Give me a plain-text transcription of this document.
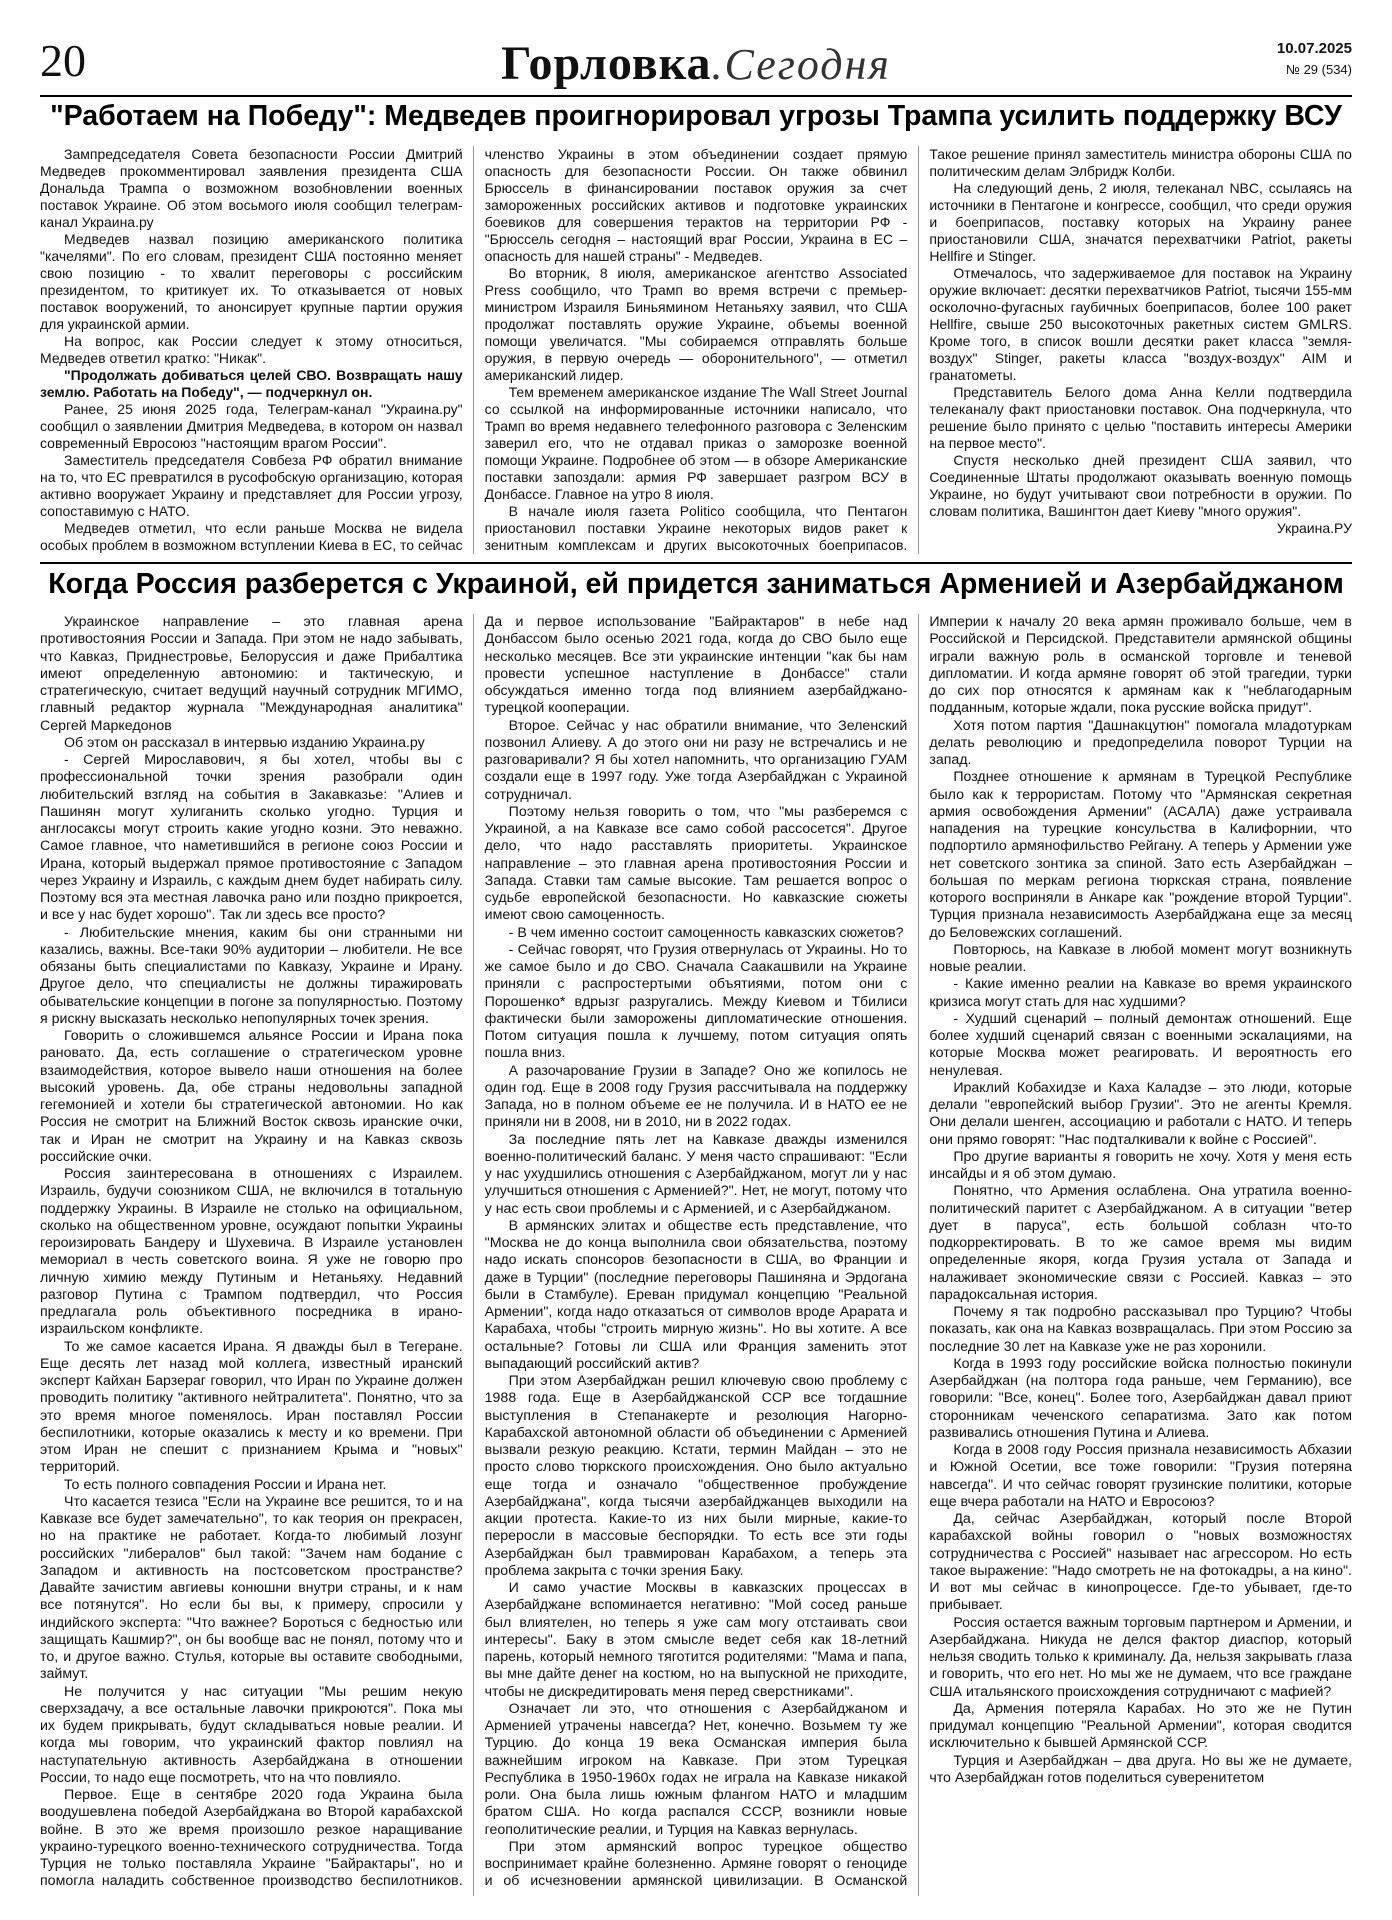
20	Горловка.Сегодня	10.07.2025
№ 29 (534)
"Работаем на Победу": Медведев проигнорировал угрозы Трампа усилить поддержку ВСУ

Зампредседателя Совета безопасности России Дмитрий Медведев прокомментировал заявления президента США Дональда Трампа о возможном возобновлении военных поставок Украине. Об этом восьмого июля сообщил телеграм-канал Украина.ру

Медведев назвал позицию американского политика "качелями". По его словам, президент США постоянно меняет свою позицию - то хвалит переговоры с российским президентом, то критикует их. То отказывается от новых поставок вооружений, то анонсирует крупные партии оружия для украинской армии.

На вопрос, как России следует к этому относиться, Медведев ответил кратко: "Никак".

"Продолжать добиваться целей СВО. Возвращать нашу землю. Работать на Победу", — подчеркнул он.

Ранее, 25 июня 2025 года, Телеграм-канал "Украина.ру" сообщил о заявлении Дмитрия Медведева, в котором он назвал современный Евросоюз "настоящим врагом России".

Заместитель председателя Совбеза РФ обратил внимание на то, что ЕС превратился в русофобскую организацию, которая активно вооружает Украину и представляет для России угрозу, сопоставимую с НАТО.

Медведев отметил, что если раньше Москва не видела особых проблем в возможном вступлении Киева в ЕС, то сейчас членство Украины в этом объединении создает прямую опасность для безопасности России. Он также обвинил Брюссель в финансировании поставок оружия за счет замороженных российских активов и подготовке украинских боевиков для совершения терактов на территории РФ - "Брюссель сегодня – настоящий враг России, Украина в ЕС – опасность для нашей страны" - Медведев.

Во вторник, 8 июля, американское агентство Associated Press сообщило, что Трамп во время встречи с премьер-министром Израиля Биньямином Нетаньяху заявил, что США продолжат поставлять оружие Украине, объемы военной помощи увеличатся. "Мы собираемся отправлять больше оружия, в первую очередь — оборонительного", — отметил американский лидер.

Тем временем американское издание The Wall Street Journal со ссылкой на информированные источники написало, что Трамп во время недавнего телефонного разговора с Зеленским заверил его, что не отдавал приказ о заморозке военной помощи Украине. Подробнее об этом — в обзоре Американские поставки запоздали: армия РФ завершает разгром ВСУ в Донбассе. Главное на утро 8 июля.

В начале июля газета Politico сообщила, что Пентагон приостановил поставки Украине некоторых видов ракет к зенитным комплексам и других высокоточных боеприпасов. Такое решение принял заместитель министра обороны США по политическим делам Элбридж Колби.

На следующий день, 2 июля, телеканал NBC, ссылаясь на источники в Пентагоне и конгрессе, сообщил, что среди оружия и боеприпасов, поставку которых на Украину ранее приостановили США, значатся перехватчики Patriot, ракеты Hellfire и Stinger.

Отмечалось, что задерживаемое для поставок на Украину оружие включает: десятки перехватчиков Patriot, тысячи 155-мм осколочно-фугасных гаубичных боеприпасов, более 100 ракет Hellfire, свыше 250 высокоточных ракетных систем GMLRS. Кроме того, в список вошли десятки ракет класса "земля-воздух" Stinger, ракеты класса "воздух-воздух" AIM и гранатометы.

Представитель Белого дома Анна Келли подтвердила телеканалу факт приостановки поставок. Она подчеркнула, что решение было принято с целью "поставить интересы Америки на первое место".

Спустя несколько дней президент США заявил, что Соединенные Штаты продолжают оказывать военную помощь Украине, но будут учитывают свои потребности в оружии. По словам политика, Вашингтон дает Киеву "много оружия".

Украина.РУ

Когда Россия разберется с Украиной, ей придется заниматься Арменией и Азербайджаном

Украинское направление – это главная арена противостояния России и Запада. При этом не надо забывать, что Кавказ, Приднестровье, Белоруссия и даже Прибалтика имеют определенную автономию: и тактическую, и стратегическую, считает ведущий научный сотрудник МГИМО, главный редактор журнала "Международная аналитика" Сергей Маркедонов

Об этом он рассказал в интервью изданию Украина.ру

- Сергей Мирославович, я бы хотел, чтобы вы с профессиональной точки зрения разобрали один любительский взгляд на события в Закавказье: "Алиев и Пашинян могут хулиганить сколько угодно. Турция и англосаксы могут строить какие угодно козни. Это неважно. Самое главное, что наметившийся в регионе союз России и Ирана, который выдержал прямое противостояние с Западом через Украину и Израиль, с каждым днем будет набирать силу. Поэтому вся эта местная лавочка рано или поздно прикроется, и все у нас будет хорошо". Так ли здесь все просто?

- Любительские мнения, каким бы они странными ни казались, важны. Все-таки 90% аудитории – любители. Не все обязаны быть специалистами по Кавказу, Украине и Ирану. Другое дело, что специалисты не должны тиражировать обывательские концепции в погоне за популярностью. Поэтому я рискну высказать несколько непопулярных точек зрения.

Говорить о сложившемся альянсе России и Ирана пока рановато. Да, есть соглашение о стратегическом уровне взаимодействия, которое вывело наши отношения на более высокий уровень. Да, обе страны недовольны западной гегемонией и хотели бы стратегической автономии. Но как Россия не смотрит на Ближний Восток сквозь иранские очки, так и Иран не смотрит на Украину и на Кавказ сквозь российские очки.

Россия заинтересована в отношениях с Израилем. Израиль, будучи союзником США, не включился в тотальную поддержку Украины. В Израиле не столько на официальном, сколько на общественном уровне, осуждают попытки Украины героизировать Бандеру и Шухевича. В Израиле установлен мемориал в честь советского воина. Я уже не говорю про личную химию между Путиным и Нетаньяху. Недавний разговор Путина с Трампом подтвердил, что Россия предлагала роль объективного посредника в ирано-израильском конфликте.

То же самое касается Ирана. Я дважды был в Тегеране. Еще десять лет назад мой коллега, известный иранский эксперт Кайхан Барзераг говорил, что Иран по Украине должен проводить политику "активного нейтралитета". Понятно, что за это время многое поменялось. Иран поставлял России беспилотники, которые оказались к месту и ко времени. При этом Иран не спешит с признанием Крыма и "новых" территорий.

То есть полного совпадения России и Ирана нет.

Что касается тезиса "Если на Украине все решится, то и на Кавказе все будет замечательно", то как теория он прекрасен, но на практике не работает. Когда-то любимый лозунг российских "либералов" был такой: "Зачем нам бодание с Западом и активность на постсоветском пространстве? Давайте зачистим авгиевы конюшни внутри страны, и к нам все потянутся". Но если бы вы, к примеру, спросили у индийского эксперта: "Что важнее? Бороться с бедностью или защищать Кашмир?", он бы вообще вас не понял, потому что и то, и другое важно. Стулья, которые вы оставите свободными, займут.

Не получится у нас ситуации "Мы решим некую сверхзадачу, а все остальные лавочки прикроются". Пока мы их будем прикрывать, будут складываться новые реалии. И когда мы говорим, что украинский фактор повлиял на наступательную активность Азербайджана в отношении России, то надо еще посмотреть, что на что повлияло.

Первое. Еще в сентябре 2020 года Украина была воодушевлена победой Азербайджана во Второй карабахской войне. В это же время произошло резкое наращивание украино-турецкого военно-технического сотрудничества. Тогда Турция не только поставляла Украине "Байрактары", но и помогла наладить собственное производство беспилотников. Да и первое использование "Байрактаров" в небе над Донбассом было осенью 2021 года, когда до СВО было еще несколько месяцев. Все эти украинские интенции "как бы нам провести успешное наступление в Донбассе" стали обсуждаться именно тогда под влиянием азербайджано-турецкой кооперации.

Второе. Сейчас у нас обратили внимание, что Зеленский позвонил Алиеву. А до этого они ни разу не встречались и не разговаривали? Я бы хотел напомнить, что организацию ГУАМ создали еще в 1997 году. Уже тогда Азербайджан с Украиной сотрудничал.

Поэтому нельзя говорить о том, что "мы разберемся с Украиной, а на Кавказе все само собой рассосется". Другое дело, что надо расставлять приоритеты. Украинское направление – это главная арена противостояния России и Запада. Ставки там самые высокие. Там решается вопрос о судьбе европейской безопасности. Но кавказские сюжеты имеют свою самоценность.

- В чем именно состоит самоценность кавказских сюжетов?

- Сейчас говорят, что Грузия отвернулась от Украины. Но то же самое было и до СВО. Сначала Саакашвили на Украине приняли с распростертыми объятиями, потом они с Порошенко* вдрызг разругались. Между Киевом и Тбилиси фактически были заморожены дипломатические отношения. Потом ситуация пошла к лучшему, потом ситуация опять пошла вниз.

А разочарование Грузии в Западе? Оно же копилось не один год. Еще в 2008 году Грузия рассчитывала на поддержку Запада, но в полном объеме ее не получила. И в НАТО ее не приняли ни в 2008, ни в 2010, ни в 2022 годах.

За последние пять лет на Кавказе дважды изменился военно-политический баланс. У меня часто спрашивают: "Если у нас ухудшились отношения с Азербайджаном, могут ли у нас улучшиться отношения с Арменией?". Нет, не могут, потому что у нас есть свои проблемы и с Арменией, и с Азербайджаном.

В армянских элитах и обществе есть представление, что "Москва не до конца выполнила свои обязательства, поэтому надо искать спонсоров безопасности в США, во Франции и даже в Турции" (последние переговоры Пашиняна и Эрдогана были в Стамбуле). Ереван придумал концепцию "Реальной Армении", когда надо отказаться от символов вроде Арарата и Карабаха, чтобы "строить мирную жизнь". Но вы хотите. А все остальные? Готовы ли США или Франция заменить этот выпадающий российский актив?

При этом Азербайджан решил ключевую свою проблему с 1988 года. Еще в Азербайджанской ССР все тогдашние выступления в Степанакерте и резолюция Нагорно-Карабахской автономной области об объединении с Арменией вызвали резкую реакцию. Кстати, термин Майдан – это не просто слово тюркского происхождения. Оно было актуально еще тогда и означало "общественное пробуждение Азербайджана", когда тысячи азербайджанцев выходили на акции протеста. Какие-то из них были мирные, какие-то переросли в массовые беспорядки. То есть все эти годы Азербайджан был травмирован Карабахом, а теперь эта проблема закрыта с точки зрения Баку.

И само участие Москвы в кавказских процессах в Азербайджане вспоминается негативно: "Мой сосед раньше был влиятелен, но теперь я уже сам могу отстаивать свои интересы". Баку в этом смысле ведет себя как 18-летний парень, который немного тяготится родителями: "Мама и папа, вы мне дайте денег на костюм, но на выпускной не приходите, чтобы не дискредитировать меня перед сверстниками".

Означает ли это, что отношения с Азербайджаном и Арменией утрачены навсегда? Нет, конечно. Возьмем ту же Турцию. До конца 19 века Османская империя была важнейшим игроком на Кавказе. При этом Турецкая Республика в 1950-1960х годах не играла на Кавказе никакой роли. Она была лишь южным флангом НАТО и младшим братом США. Но когда распался СССР, возникли новые геополитические реалии, и Турция на Кавказ вернулась.

При этом армянский вопрос турецкое общество воспринимает крайне болезненно. Армяне говорят о геноциде и об исчезновении армянской цивилизации. В Османской Империи к началу 20 века армян проживало больше, чем в Российской и Персидской. Представители армянской общины играли важную роль в османской торговле и теневой дипломатии. И когда армяне говорят об этой трагедии, турки до сих пор относятся к армянам как к "неблагодарным подданным, которые ждали, пока русские войска придут".

Хотя потом партия "Дашнакцутюн" помогала младотуркам делать революцию и предопределила поворот Турции на запад.

Позднее отношение к армянам в Турецкой Республике было как к террористам. Потому что "Армянская секретная армия освобождения Армении" (АСАЛА) даже устраивала нападения на турецкие консульства в Калифорнии, что подпортило армянофильство Рейгану. А теперь у Армении уже нет советского зонтика за спиной. Зато есть Азербайджан – большая по меркам региона тюркская страна, появление которого восприняли в Анкаре как "рождение второй Турции". Турция признала независимость Азербайджана еще за месяц до Беловежских соглашений.

Повторюсь, на Кавказе в любой момент могут возникнуть новые реалии.

- Какие именно реалии на Кавказе во время украинского кризиса могут стать для нас худшими?

- Худший сценарий – полный демонтаж отношений. Еще более худший сценарий связан с военными эскалациями, на которые Москва может реагировать. И вероятность его ненулевая.

Ираклий Кобахидзе и Каха Каладзе – это люди, которые делали "европейский выбор Грузии". Это не агенты Кремля. Они делали шенген, ассоциацию и работали с НАТО. И теперь они прямо говорят: "Нас подталкивали к войне с Россией".

Про другие варианты я говорить не хочу. Хотя у меня есть инсайды и я об этом думаю.

Понятно, что Армения ослаблена. Она утратила военно-политический паритет с Азербайджаном. А в ситуации "ветер дует в паруса", есть большой соблазн что-то подкорректировать. В то же самое время мы видим определенные якоря, когда Грузия устала от Запада и налаживает экономические связи с Россией. Кавказ – это парадоксальная история.

Почему я так подробно рассказывал про Турцию? Чтобы показать, как она на Кавказ возвращалась. При этом Россию за последние 30 лет на Кавказе уже не раз хоронили.

Когда в 1993 году российские войска полностью покинули Азербайджан (на полтора года раньше, чем Германию), все говорили: "Все, конец". Более того, Азербайджан давал приют сторонникам чеченского сепаратизма. Зато как потом развивались отношения Путина и Алиева.

Когда в 2008 году Россия признала независимость Абхазии и Южной Осетии, все тоже говорили: "Грузия потеряна навсегда". И что сейчас говорят грузинские политики, которые еще вчера работали на НАТО и Евросоюз?

Да, сейчас Азербайджан, который после Второй карабахской войны говорил о "новых возможностях сотрудничества с Россией" называет нас агрессором. Но есть такое выражение: "Надо смотреть не на фотокадры, а на кино". И вот мы сейчас в кинопроцессе. Где-то убывает, где-то прибывает.

Россия остается важным торговым партнером и Армении, и Азербайджана. Никуда не делся фактор диаспор, который нельзя сводить только к криминалу. Да, нельзя закрывать глаза и говорить, что его нет. Но мы же не думаем, что все граждане США итальянского происхождения сотрудничают с мафией?

Да, Армения потеряла Карабах. Но это же не Путин придумал концепцию "Реальной Армении", которая сводится исключительно к бывшей Армянской ССР.

Турция и Азербайджан – два друга. Но вы же не думаете, что Азербайджан готов поделиться суверенитетом
